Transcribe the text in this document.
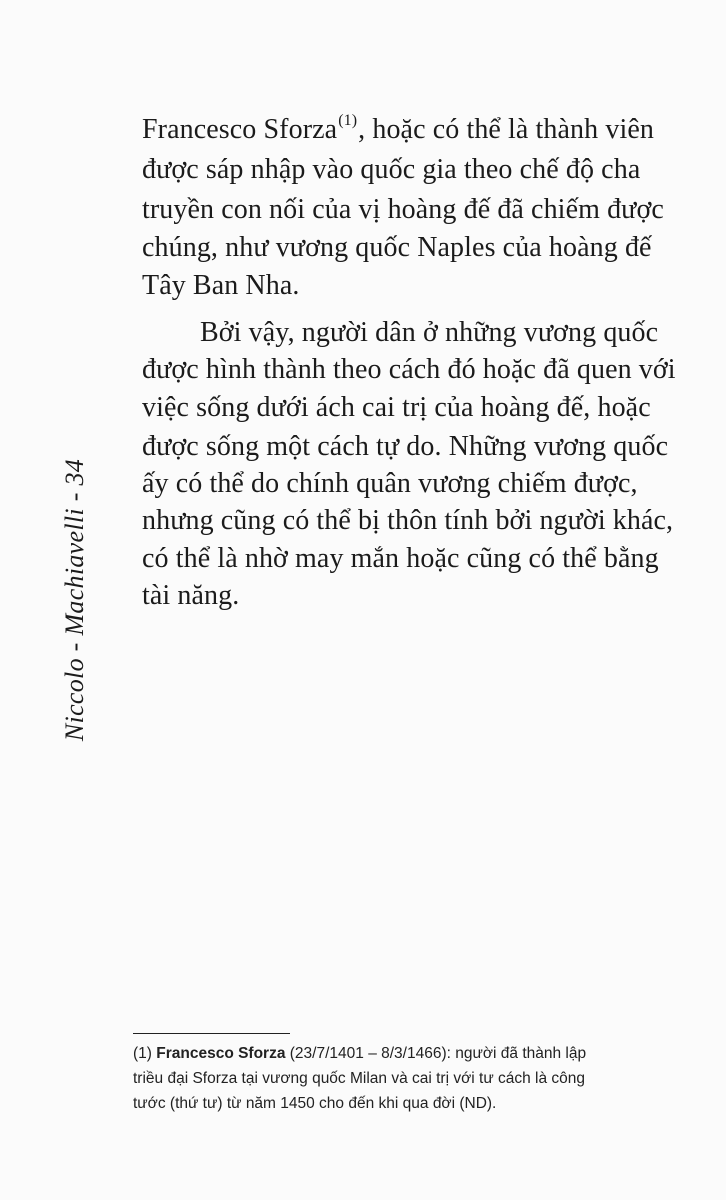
Niccolo - Machiavelli - 34
Francesco Sforza$^{(1)}$, hoặc có thể là thành viên
được sáp nhập vào quốc gia theo chế độ cha
truyền con nối của vị hoàng đế đã chiếm được
chúng, như vương quốc Naples của hoàng đế
Tây Ban Nha.
Bởi vậy, người dân ở những vương quốc
được hình thành theo cách đó hoặc đã quen với
việc sống dưới ách cai trị của hoàng đế, hoặc
được sống một cách tự do. Những vương quốc
ấy có thể do chính quân vương chiếm được,
nhưng cũng có thể bị thôn tính bởi người khác,
có thể là nhờ may mắn hoặc cũng có thể bằng
tài năng.
(1) Francesco Sforza (23/7/1401 – 8/3/1466): người đã thành lập
triều đại Sforza tại vương quốc Milan và cai trị với tư cách là công
tước (thứ tư) từ năm 1450 cho đến khi qua đời (ND).
